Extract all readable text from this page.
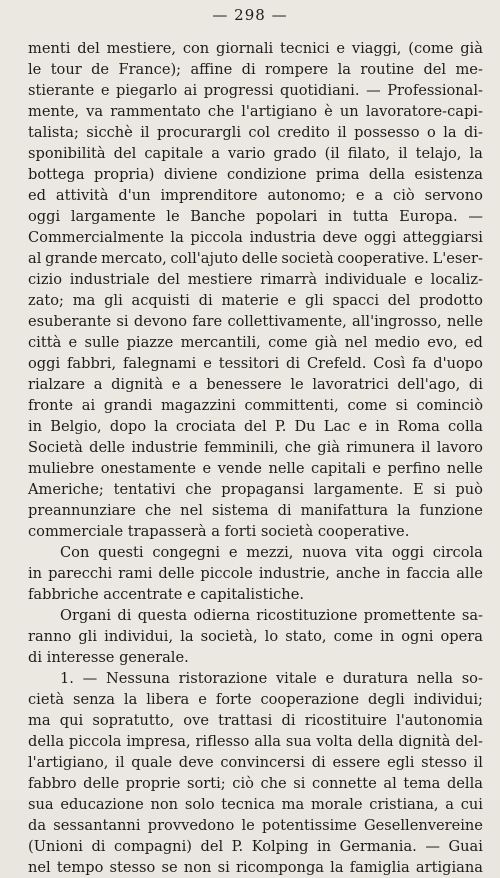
— 298 —
menti del mestiere, con giornali tecnici e viaggi, (come già
le tour de France); affine di rompere la routine del me-
stierante e piegarlo ai progressi quotidiani. — Professional-
mente, va rammentato che l'artigiano è un lavoratore-capi-
talista; sicchè il procurargli col credito il possesso o la di-
sponibilità del capitale a vario grado (il filato, il telajo, la
bottega propria) diviene condizione prima della esistenza
ed attività d'un imprenditore autonomo; e a ciò servono
oggi largamente le Banche popolari in tutta Europa. —
Commercialmente la piccola industria deve oggi atteggiarsi
al grande mercato, coll'ajuto delle società cooperative. L'eser-
cizio industriale del mestiere rimarrà individuale e localiz-
zato; ma gli acquisti di materie e gli spacci del prodotto
esuberante si devono fare collettivamente, all'ingrosso, nelle
città e sulle piazze mercantili, come già nel medio evo, ed
oggi fabbri, falegnami e tessitori di Crefeld. Così fa d'uopo
rialzare a dignità e a benessere le lavoratrici dell'ago, di
fronte ai grandi magazzini committenti, come si cominciò
in Belgio, dopo la crociata del P. Du Lac e in Roma colla
Società delle industrie femminili, che già rimunera il lavoro
muliebre onestamente e vende nelle capitali e perfino nelle
Americhe; tentativi che propagansi largamente. E si può
preannunziare che nel sistema di manifattura la funzione
commerciale trapasserà a forti società cooperative.
Con questi congegni e mezzi, nuova vita oggi circola
in parecchi rami delle piccole industrie, anche in faccia alle
fabbriche accentrate e capitalistiche.
Organi di questa odierna ricostituzione promettente sa-
ranno gli individui, la società, lo stato, come in ogni opera
di interesse generale.
1. — Nessuna ristorazione vitale e duratura nella so-
cietà senza la libera e forte cooperazione degli individui;
ma qui sopratutto, ove trattasi di ricostituire l'autonomia
della piccola impresa, riflesso alla sua volta della dignità del-
l'artigiano, il quale deve convincersi di essere egli stesso il
fabbro delle proprie sorti; ciò che si connette al tema della
sua educazione non solo tecnica ma morale cristiana, a cui
da sessantanni provvedono le potentissime Gesellenvereine
(Unioni di compagni) del P. Kolping in Germania. — Guai
nel tempo stesso se non si ricomponga la famiglia artigiana
